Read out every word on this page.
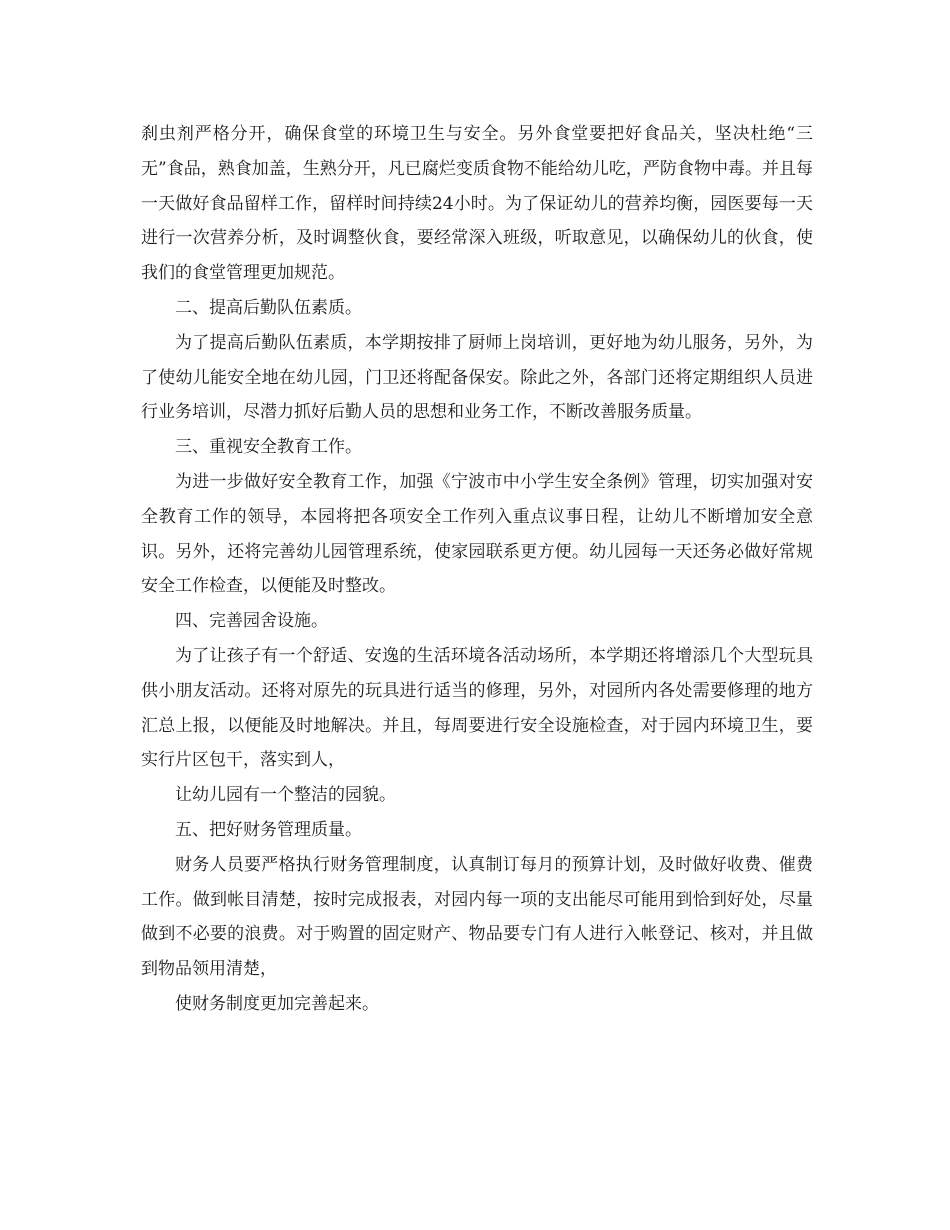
刹虫剂严格分开，确保食堂的环境卫生与安全。另外食堂要把好食品关，坚决杜绝“三无”食品，熟食加盖，生熟分开，凡已腐烂变质食物不能给幼儿吃，严防食物中毒。并且每一天做好食品留样工作，留样时间持续24小时。为了保证幼儿的营养均衡，园医要每一天进行一次营养分析，及时调整伙食，要经常深入班级，听取意见，以确保幼儿的伙食，使我们的食堂管理更加规范。

二、提高后勤队伍素质。

为了提高后勤队伍素质，本学期按排了厨师上岗培训，更好地为幼儿服务，另外，为了使幼儿能安全地在幼儿园，门卫还将配备保安。除此之外，各部门还将定期组织人员进行业务培训，尽潜力抓好后勤人员的思想和业务工作，不断改善服务质量。

三、重视安全教育工作。

为进一步做好安全教育工作，加强《宁波市中小学生安全条例》管理，切实加强对安全教育工作的领导，本园将把各项安全工作列入重点议事日程，让幼儿不断增加安全意识。另外，还将完善幼儿园管理系统，使家园联系更方便。幼儿园每一天还务必做好常规安全工作检查，以便能及时整改。

四、完善园舍设施。

为了让孩子有一个舒适、安逸的生活环境各活动场所，本学期还将增添几个大型玩具供小朋友活动。还将对原先的玩具进行适当的修理，另外，对园所内各处需要修理的地方汇总上报，以便能及时地解决。并且，每周要进行安全设施检查，对于园内环境卫生，要实行片区包干，落实到人，

让幼儿园有一个整洁的园貌。

五、把好财务管理质量。

财务人员要严格执行财务管理制度，认真制订每月的预算计划，及时做好收费、催费工作。做到帐目清楚，按时完成报表，对园内每一项的支出能尽可能用到恰到好处，尽量做到不必要的浪费。对于购置的固定财产、物品要专门有人进行入帐登记、核对，并且做到物品领用清楚，

使财务制度更加完善起来。
